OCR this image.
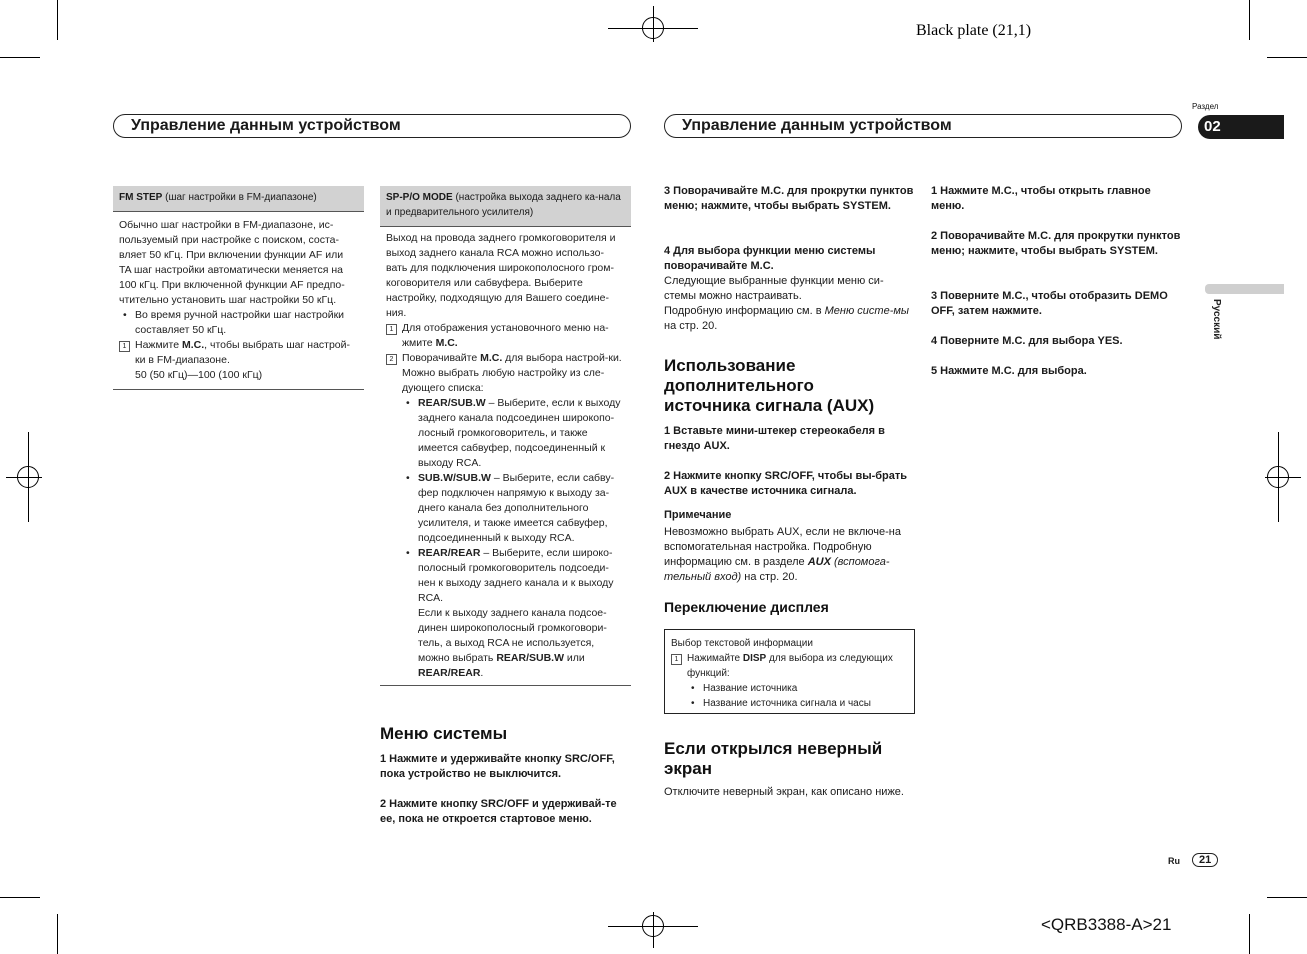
Black plate (21,1)
<QRB3388-A>21
Управление данным устройством	Управление данным устройством
Раздел
02
Русский
FM STEP (шаг настройки в FM-диапазоне)
Обычно шаг настройки в FM-диапазоне, ис-
пользуемый при настройке с поиском, соста-
вляет 50 кГц. При включении функции AF или
TA шаг настройки автоматически меняется на
100 кГц. При включенной функции AF предпо-
чтительно установить шаг настройки 50 кГц.
• Во время ручной настройки шаг настройки составляет 50 кГц.
1 Нажмите M.C., чтобы выбрать шаг настрой-ки в FM-диапазоне.
50 (50 кГц)—100 (100 кГц)
SP-P/O MODE (настройка выхода заднего ка-нала и предварительного усилителя)
Выход на провода заднего громкоговорителя и выход заднего канала RCA можно использо-вать для подключения широкополосного гром-коговорителя или сабвуфера. Выберите настройку, подходящую для Вашего соедине-ния.
1 Для отображения установочного меню на-жмите M.C.
2 Поворачивайте M.C. для выбора настрой-ки.
Можно выбрать любую настройку из сле-дующего списка:
• REAR/SUB.W – Выберите, если к выходу заднего канала подсоединен широкопо-лосный громкоговоритель, и также имеется сабвуфер, подсоединенный к выходу RCA.
• SUB.W/SUB.W – Выберите, если сабву-фер подключен напрямую к выходу за-днего канала без дополнительного усилителя, и также имеется сабвуфер, подсоединенный к выходу RCA.
• REAR/REAR – Выберите, если широко-полосный громкоговоритель подсоеди-нен к выходу заднего канала и к выходу RCA.
Если к выходу заднего канала подсое-динен широкополосный громкоговори-тель, а выход RCA не используется, можно выбрать REAR/SUB.W или REAR/REAR.
Меню системы
1 Нажмите и удерживайте кнопку SRC/OFF, пока устройство не выключится.
2 Нажмите кнопку SRC/OFF и удерживай-те ее, пока не откроется стартовое меню.
3 Поворачивайте M.C. для прокрутки пунктов меню; нажмите, чтобы выбрать SYSTEM.
4 Для выбора функции меню системы поворачивайте M.C.
Следующие выбранные функции меню си-стемы можно настраивать.
Подробную информацию см. в Меню систе-мы на стр. 20.
Использование дополнительного источника сигнала (AUX)
1 Вставьте мини-штекер стереокабеля в гнездо AUX.
2 Нажмите кнопку SRC/OFF, чтобы вы-брать AUX в качестве источника сигнала.
Примечание
Невозможно выбрать AUX, если не включе-на вспомогательная настройка. Подробную информацию см. в разделе AUX (вспомога-тельный вход) на стр. 20.
Переключение дисплея
Выбор текстовой информации
1 Нажимайте DISP для выбора из следующих функций:
• Название источника
• Название источника сигнала и часы
Если открылся неверный экран
Отключите неверный экран, как описано ниже.
1 Нажмите M.C., чтобы открыть главное меню.
2 Поворачивайте M.C. для прокрутки пунктов меню; нажмите, чтобы выбрать SYSTEM.
3 Поверните M.C., чтобы отобразить DEMO OFF, затем нажмите.
4 Поверните M.C. для выбора YES.
5 Нажмите M.C. для выбора.
Ru	21
